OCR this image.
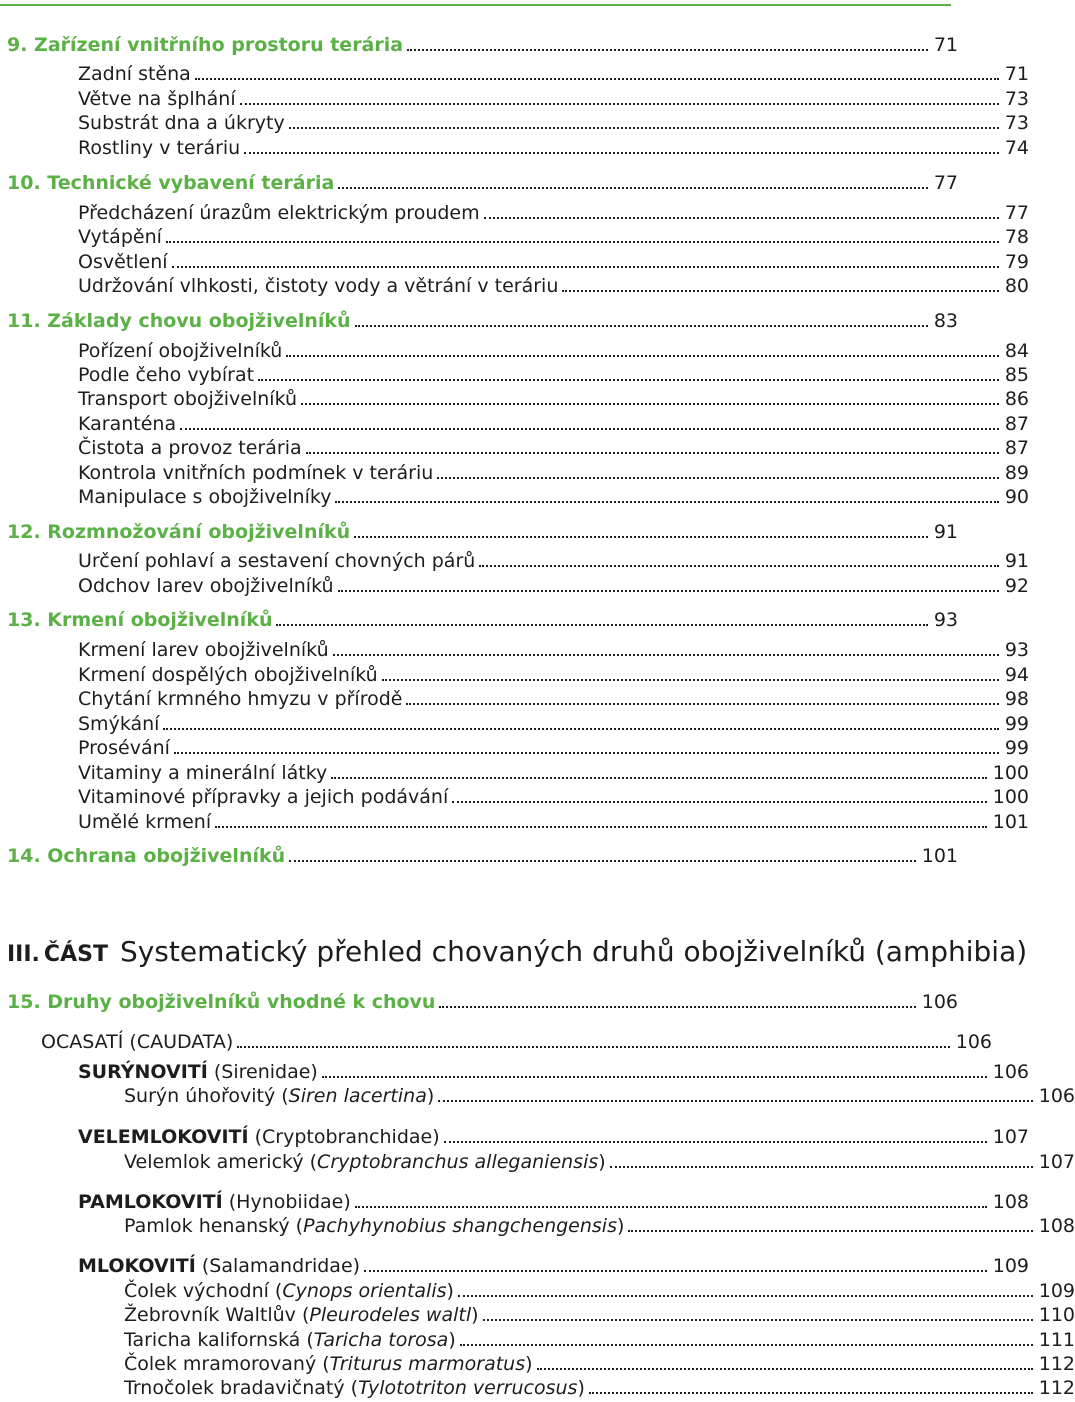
9. Zařízení vnitřního prostoru terária	71
Zadní stěna	71
Větve na šplhání	73
Substrát dna a úkryty	73
Rostliny v teráriu	74
10. Technické vybavení terária	77
Předcházení úrazům elektrickým proudem	77
Vytápění	78
Osvětlení	79
Udržování vlhkosti, čistoty vody a větrání v teráriu	80
11. Základy chovu obojživelníků	83
Pořízení obojživelníků	84
Podle čeho vybírat	85
Transport obojživelníků	86
Karanténa	87
Čistota a provoz terária	87
Kontrola vnitřních podmínek v teráriu	89
Manipulace s obojživelníky	90
12. Rozmnožování obojživelníků	91
Určení pohlaví a sestavení chovných párů	91
Odchov larev obojživelníků	92
13. Krmení obojživelníků	93
Krmení larev obojživelníků	93
Krmení dospělých obojživelníků	94
Chytání krmného hmyzu v přírodě	98
Smýkání	99
Prosévání	99
Vitaminy a minerální látky	100
Vitaminové přípravky a jejich podávání	100
Umělé krmení	101
14. Ochrana obojživelníků	101
III. ČÁST Systematický přehled chovaných druhů obojživelníků (amphibia)
15. Druhy obojživelníků vhodné k chovu	106
OCASATÍ (CAUDATA)	106
SURÝNOVITÍ (Sirenidae)	106
Surýn úhořovitý (Siren lacertina)	106
VELEMLOKOVITÍ (Cryptobranchidae)	107
Velemlok americký (Cryptobranchus alleganiensis)	107
PAMLOKOVITÍ (Hynobiidae)	108
Pamlok henanský (Pachyhynobius shangchengensis)	108
MLOKOVITÍ (Salamandridae)	109
Čolek východní (Cynops orientalis)	109
Žebrovník Waltlův (Pleurodeles waltl)	110
Taricha kalifornská (Taricha torosa)	111
Čolek mramorovaný (Triturus marmoratus)	112
Trnočolek bradavičnatý (Tylototriton verrucosus)	112
